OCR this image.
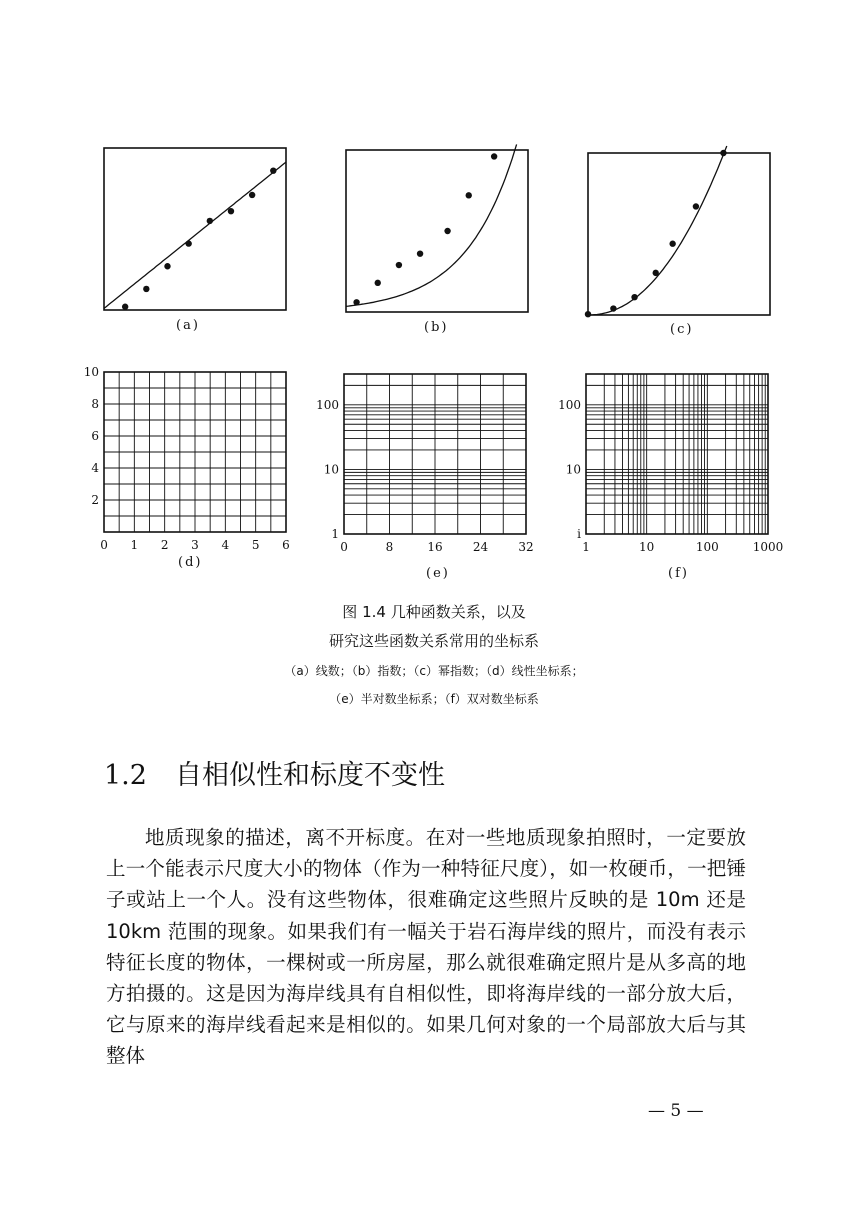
(a)	(b)	(c)
0 1 2 3 4 5 6
2
4
6
8
10
(d)
0	8	16	24	32
1
10
100
(e)
1	10	100	1000
i
10
100
(f)
图 1.4 几种函数关系，以及
研究这些函数关系常用的坐标系
（a）线数；（b）指数；（c）幂指数；（d）线性坐标系；
（e）半对数坐标系；（f）双对数坐标系
1.2 自相似性和标度不变性

地质现象的描述，离不开标度。在对一些地质现象拍照时，一定要放上一个能表示尺度大小的物体（作为一种特征尺度），如一枚硬币，一把锤子或站上一个人。没有这些物体，很难确定这些照片反映的是 10m 还是 10km 范围的现象。如果我们有一幅关于岩石海岸线的照片，而没有表示特征长度的物体，一棵树或一所房屋，那么就很难确定照片是从多高的地方拍摄的。这是因为海岸线具有自相似性，即将海岸线的一部分放大后，它与原来的海岸线看起来是相似的。如果几何对象的一个局部放大后与其整体

— 5 —
